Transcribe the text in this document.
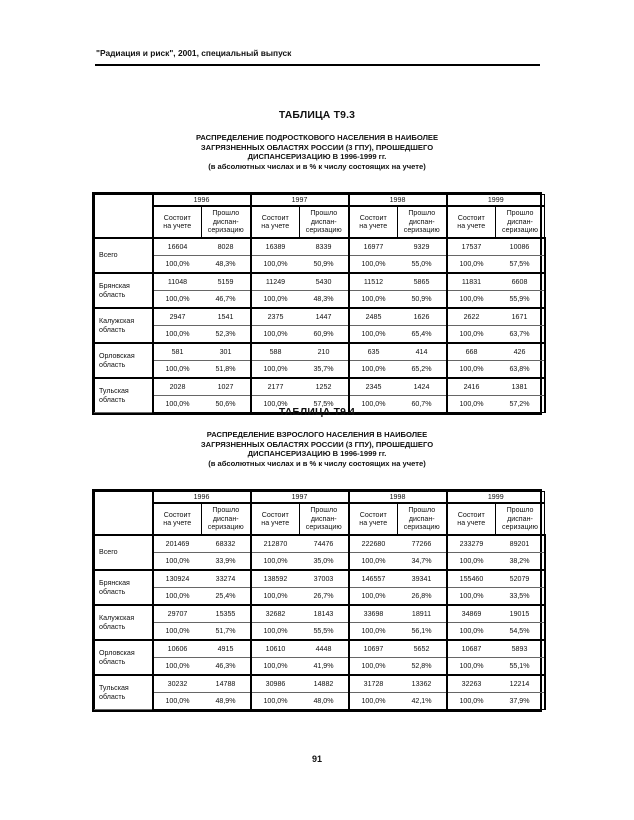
"Радиация и риск", 2001, специальный выпуск
ТАБЛИЦА Т9.3

РАСПРЕДЕЛЕНИЕ ПОДРОСТКОВОГО НАСЕЛЕНИЯ В НАИБОЛЕЕ
ЗАГРЯЗНЕННЫХ ОБЛАСТЯХ РОССИИ (3 ГПУ), ПРОШЕДШЕГО
ДИСПАНСЕРИЗАЦИЮ В 1996-1999 гг.
(в абсолютных числах и в % к числу состоящих на учете)

	1996		1997		1998		1999	

	Состоит
на учете	Прошло
диспан-
серизацию	Состоит
на учете	Прошло
диспан-
серизацию	Состоит
на учете	Прошло
диспан-
серизацию	Состоит
на учете	Прошло
диспан-
серизацию

Всего	16604	8028	16389	8339	16977	9329	17537	10086
	100,0%	48,3%	100,0%	50,9%	100,0%	55,0%	100,0%	57,5%

Брянская
область	11048	5159	11249	5430	11512	5865	11831	6608
	100,0%	46,7%	100,0%	48,3%	100,0%	50,9%	100,0%	55,9%

Калужская
область	2947	1541	2375	1447	2485	1626	2622	1671
	100,0%	52,3%	100,0%	60,9%	100,0%	65,4%	100,0%	63,7%

Орловская
область	581	301	588	210	635	414	668	426
	100,0%	51,8%	100,0%	35,7%	100,0%	65,2%	100,0%	63,8%

Тульская
область	2028	1027	2177	1252	2345	1424	2416	1381
	100,0%	50,6%	100,0%	57,5%	100,0%	60,7%	100,0%	57,2%
ТАБЛИЦА Т9.4

РАСПРЕДЕЛЕНИЕ ВЗРОСЛОГО НАСЕЛЕНИЯ В НАИБОЛЕЕ
ЗАГРЯЗНЕННЫХ ОБЛАСТЯХ РОССИИ (3 ГПУ), ПРОШЕДШЕГО
ДИСПАНСЕРИЗАЦИЮ В 1996-1999 гг.
(в абсолютных числах и в % к числу состоящих на учете)

	1996		1997		1998		1999	

	Состоит
на учете	Прошло
диспан-
серизацию	Состоит
на учете	Прошло
диспан-
серизацию	Состоит
на учете	Прошло
диспан-
серизацию	Состоит
на учете	Прошло
диспан-
серизацию

Всего	201469	68332	212870	74476	222680	77266	233279	89201
	100,0%	33,9%	100,0%	35,0%	100,0%	34,7%	100,0%	38,2%

Брянская
область	130924	33274	138592	37003	146557	39341	155460	52079
	100,0%	25,4%	100,0%	26,7%	100,0%	26,8%	100,0%	33,5%

Калужская
область	29707	15355	32682	18143	33698	18911	34869	19015
	100,0%	51,7%	100,0%	55,5%	100,0%	56,1%	100,0%	54,5%

Орловская
область	10606	4915	10610	4448	10697	5652	10687	5893
	100,0%	46,3%	100,0%	41,9%	100,0%	52,8%	100,0%	55,1%

Тульская
область	30232	14788	30986	14882	31728	13362	32263	12214
	100,0%	48,9%	100,0%	48,0%	100,0%	42,1%	100,0%	37,9%
91
